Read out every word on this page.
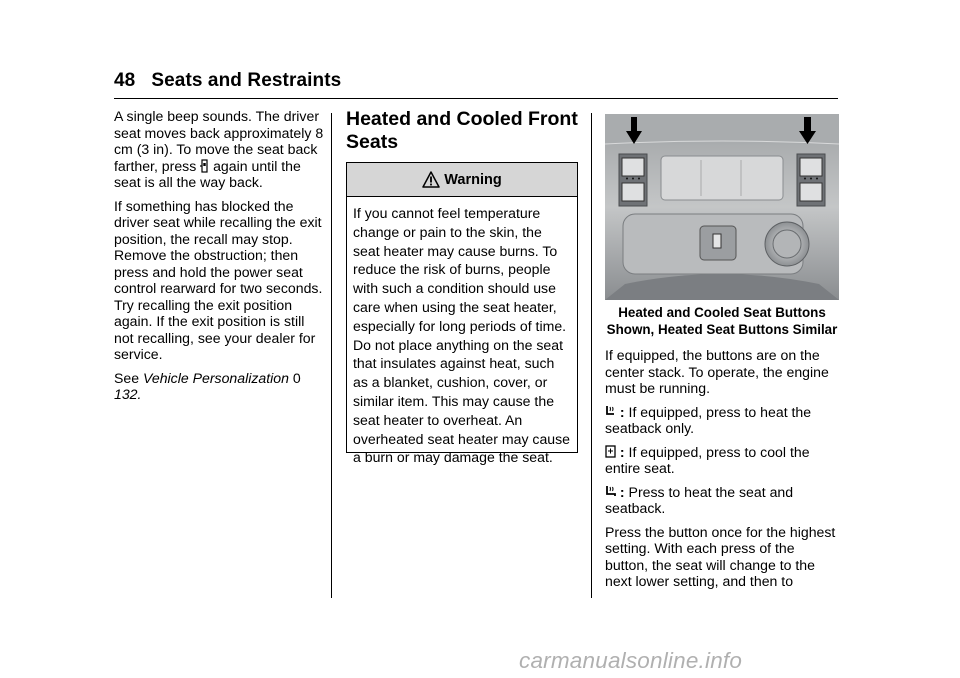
48 Seats and Restraints

A single beep sounds. The driver seat moves back approximately 8 cm (3 in). To move the seat back farther, press again until the seat is all the way back.

If something has blocked the driver seat while recalling the exit position, the recall may stop. Remove the obstruction; then press and hold the power seat control rearward for two seconds. Try recalling the exit position again. If the exit position is still not recalling, see your dealer for service.

See Vehicle Personalization 0 132.

Heated and Cooled Front Seats
Warning
If you cannot feel temperature change or pain to the skin, the seat heater may cause burns. To reduce the risk of burns, people with such a condition should use care when using the seat heater, especially for long periods of time. Do not place anything on the seat that insulates against heat, such as a blanket, cushion, cover, or similar item. This may cause the seat heater to overheat. An overheated seat heater may cause a burn or may damage the seat.
Heated and Cooled Seat Buttons Shown, Heated Seat Buttons Similar

If equipped, the buttons are on the center stack. To operate, the engine must be running.

: If equipped, press to heat the seatback only.

: If equipped, press to cool the entire seat.

: Press to heat the seat and seatback.

Press the button once for the highest setting. With each press of the button, the seat will change to the next lower setting, and then to

carmanualsonline.info
